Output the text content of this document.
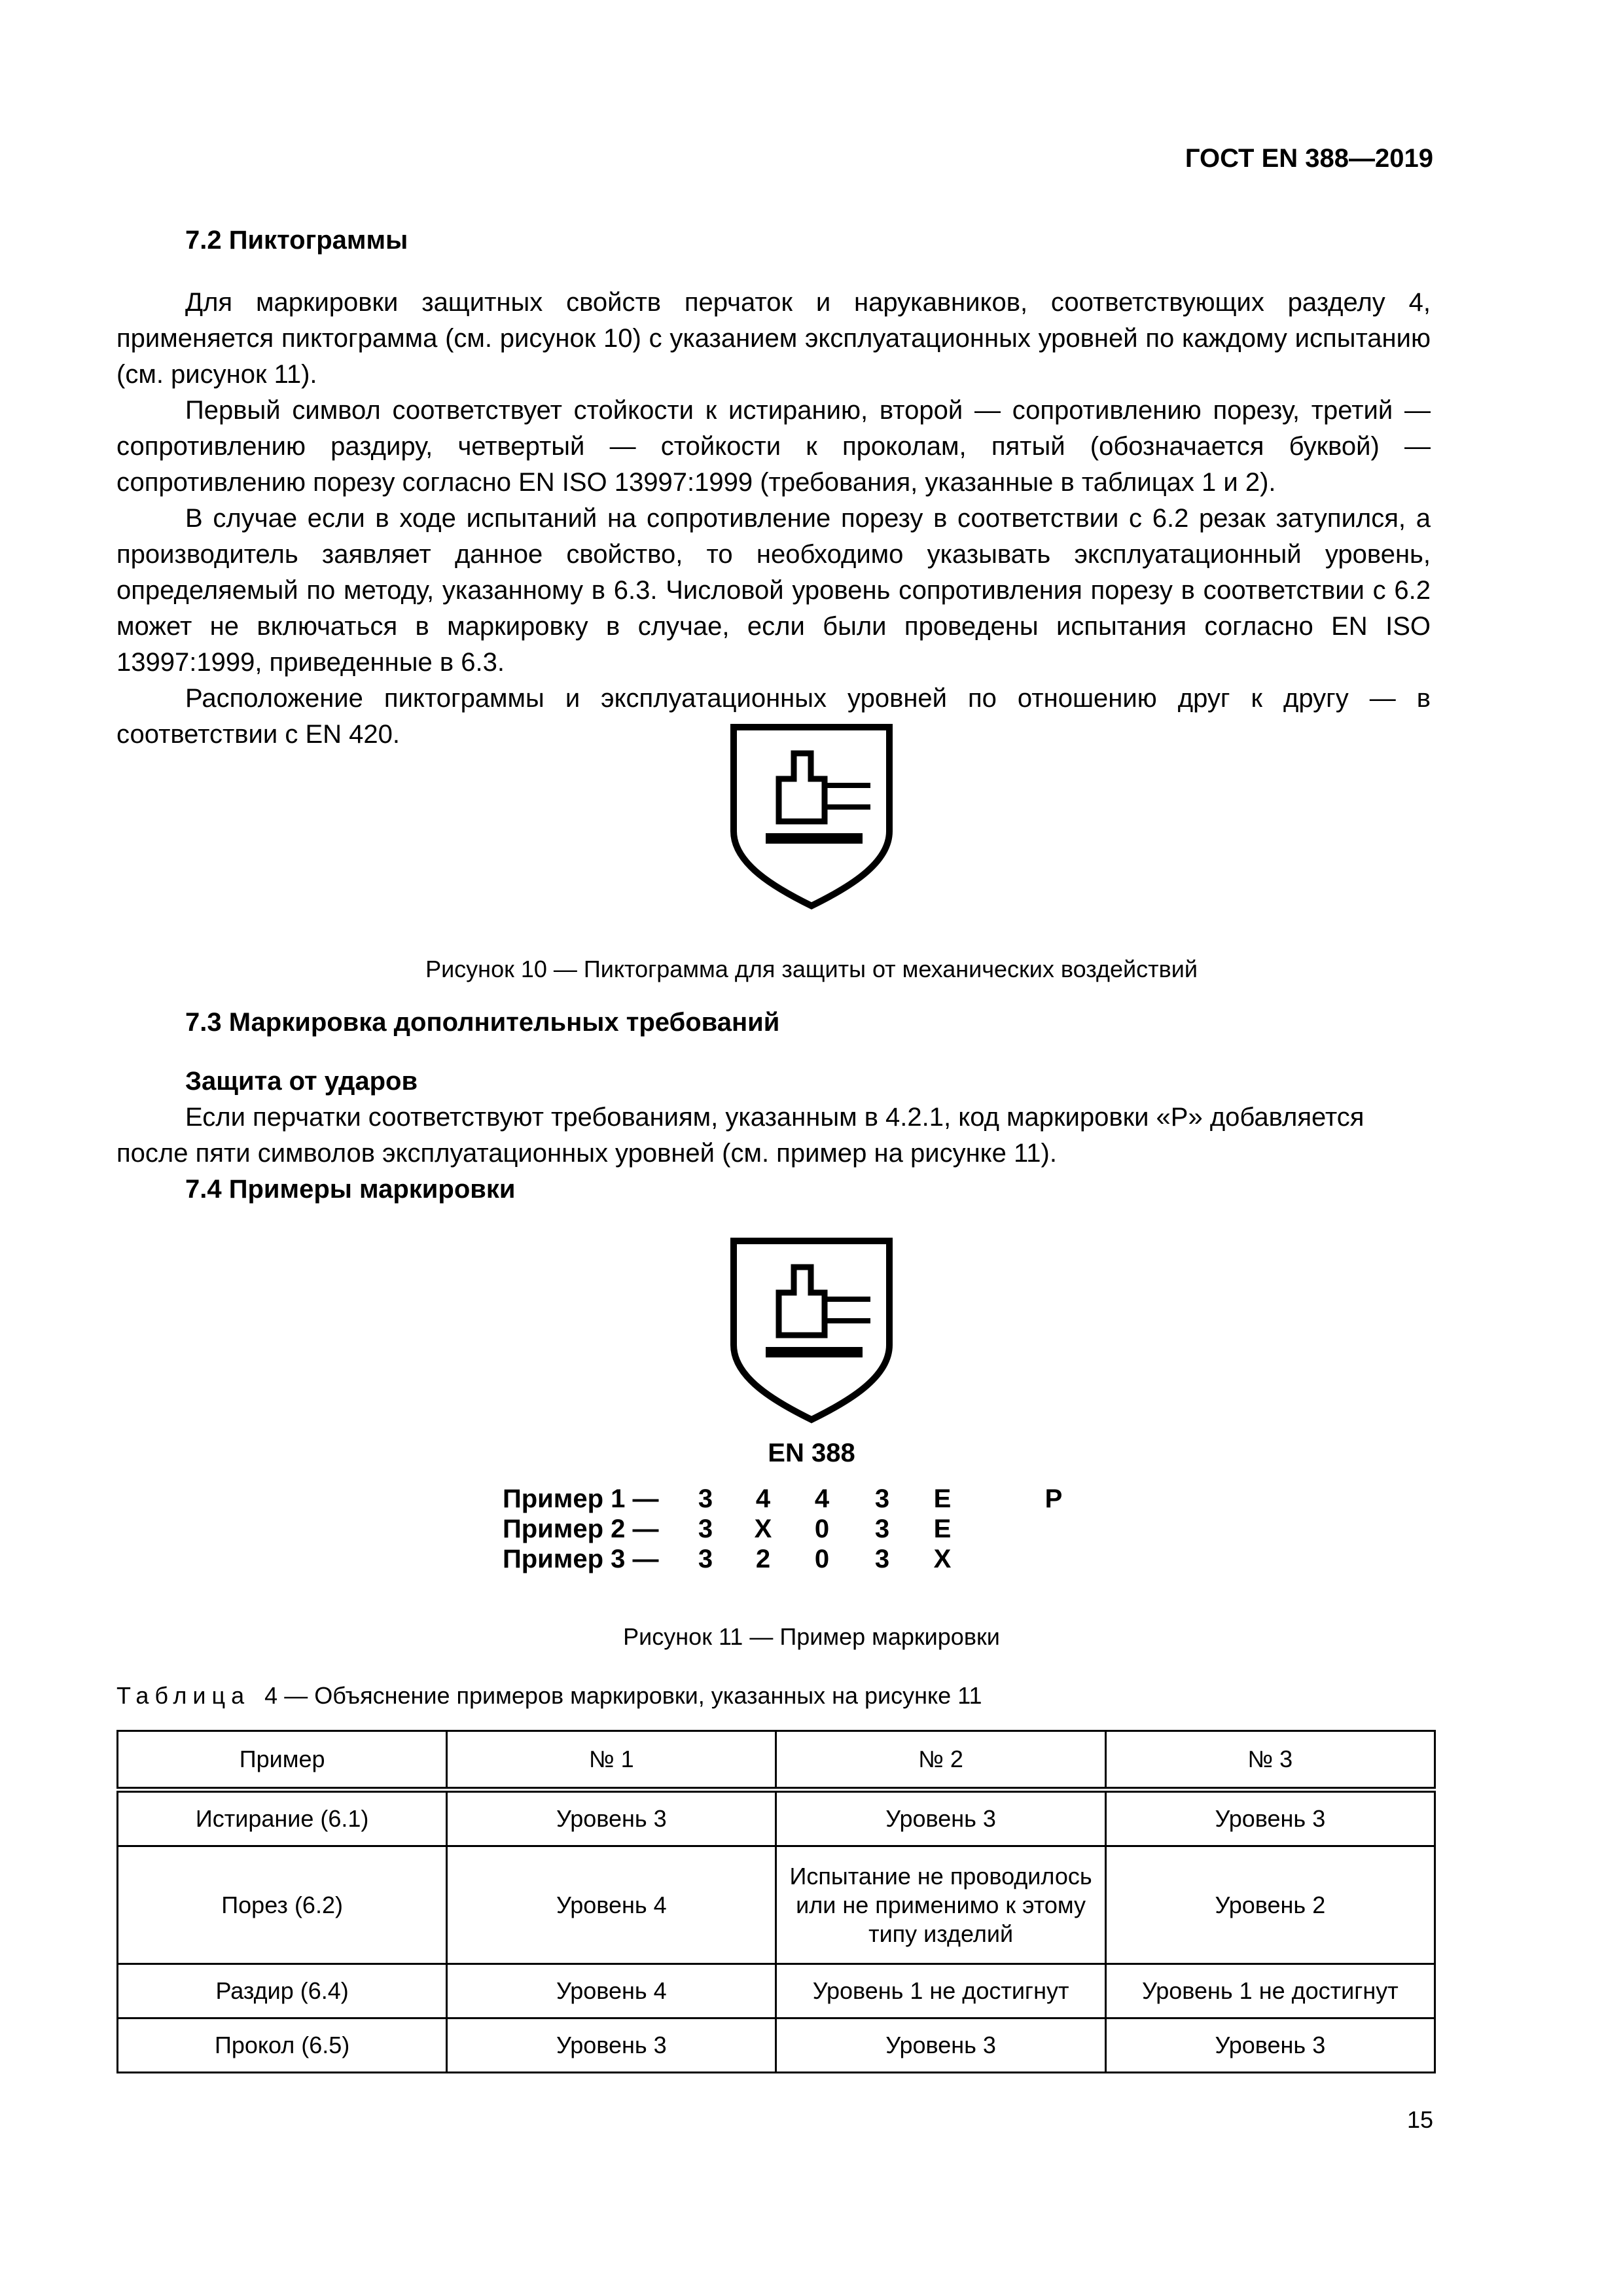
ГОСТ EN 388—2019
7.2 Пиктограммы

Для маркировки защитных свойств перчаток и нарукавников, соответствующих разделу 4, применяется пиктограмма (см. рисунок 10) с указанием эксплуатационных уровней по каждому испытанию (см. рисунок 11).

Первый символ соответствует стойкости к истиранию, второй — сопротивлению порезу, третий — сопротивлению раздиру, четвертый — стойкости к проколам, пятый (обозначается буквой) — сопротивлению порезу согласно EN ISO 13997:1999 (требования, указанные в таблицах 1 и 2).

В случае если в ходе испытаний на сопротивление порезу в соответствии с 6.2 резак затупился, а производитель заявляет данное свойство, то необходимо указывать эксплуатационный уровень, определяемый по методу, указанному в 6.3. Числовой уровень сопротивления порезу в соответствии с 6.2 может не включаться в маркировку в случае, если были проведены испытания согласно EN ISO 13997:1999, приведенные в 6.3.

Расположение пиктограммы и эксплуатационных уровней по отношению друг к другу — в соответствии с EN 420.

Рисунок 10 — Пиктограмма для защиты от механических воздействий
7.3 Маркировка дополнительных требований
Защита от ударов

Если перчатки соответствуют требованиям, указанным в 4.2.1, код маркировки «P» добавляется

после пяти символов эксплуатационных уровней (см. пример на рисунке 11).

7.4 Примеры маркировки
EN 388
Пример 1 — 3 4 4 3 E	P
Пример 2 — 3 X 0 3 E
Пример 3 — 3 2 0 3 X
Рисунок 11 — Пример маркировки
Таблица 4 — Объяснение примеров маркировки, указанных на рисунке 11
Пример	№ 1	№ 2	№ 3
Истирание (6.1)	Уровень 3	Уровень 3	Уровень 3
Порез (6.2)	Уровень 4	Испытание не проводилось или не применимо к этому типу изделий	Уровень 2
Раздир (6.4)	Уровень 4	Уровень 1 не достигнут	Уровень 1 не достигнут
Прокол (6.5)	Уровень 3	Уровень 3	Уровень 3
15
